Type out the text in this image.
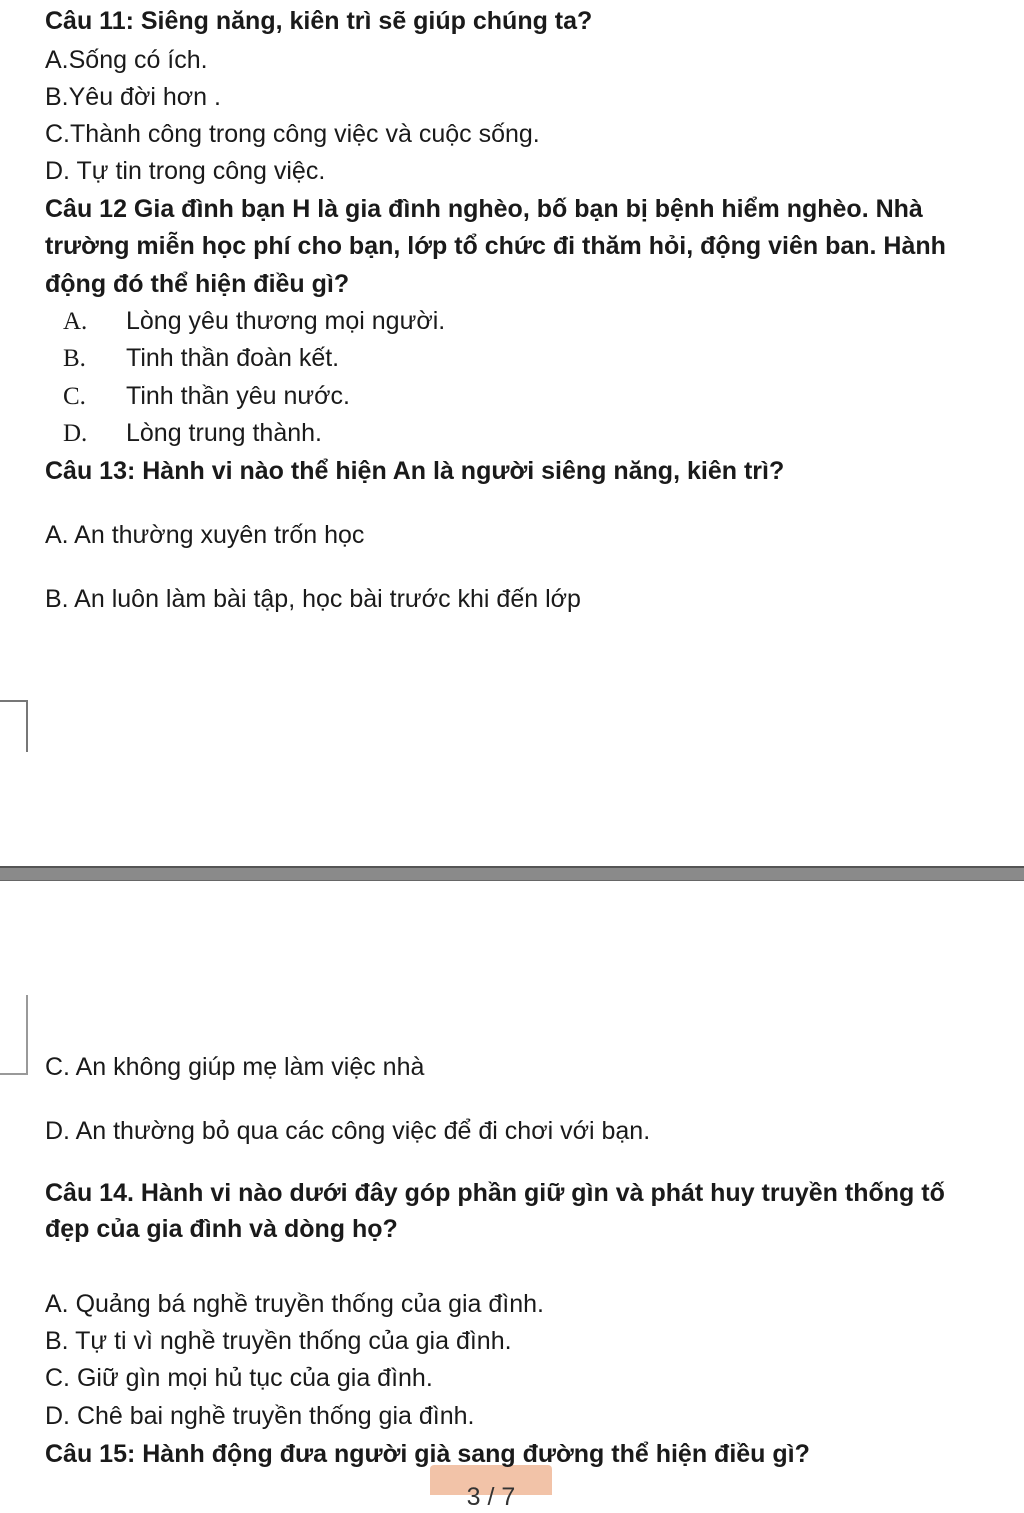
Câu 11: Siêng năng, kiên trì sẽ giúp chúng ta?
A.Sống có ích.
B.Yêu đời hơn .
C.Thành công trong công việc và cuộc sống.
D. Tự tin trong công việc.
Câu 12 Gia đình bạn H là gia đình nghèo, bố bạn bị bệnh hiểm nghèo. Nhà
trường miễn học phí cho bạn, lớp tổ chức đi thăm hỏi, động viên ban. Hành
động đó thể hiện điều gì?
A. Lòng yêu thương mọi người.
B. Tinh thần đoàn kết.
C. Tinh thần yêu nước.
D. Lòng trung thành.
Câu 13: Hành vi nào thể hiện An là người siêng năng, kiên trì?
A. An thường xuyên trốn học
B. An luôn làm bài tập, học bài trước khi đến lớp
C. An không giúp mẹ làm việc nhà
D. An thường bỏ qua các công việc để đi chơi với bạn.
Câu 14. Hành vi nào dưới đây góp phần giữ gìn và phát huy truyền thống tố
đẹp của gia đình và dòng họ?
A. Quảng bá nghề truyền thống của gia đình.
B. Tự ti vì nghề truyền thống của gia đình.
C. Giữ gìn mọi hủ tục của gia đình.
D. Chê bai nghề truyền thống gia đình.
3 / 7
Câu 15: Hành động đưa người già sang đường thể hiện điều gì?
